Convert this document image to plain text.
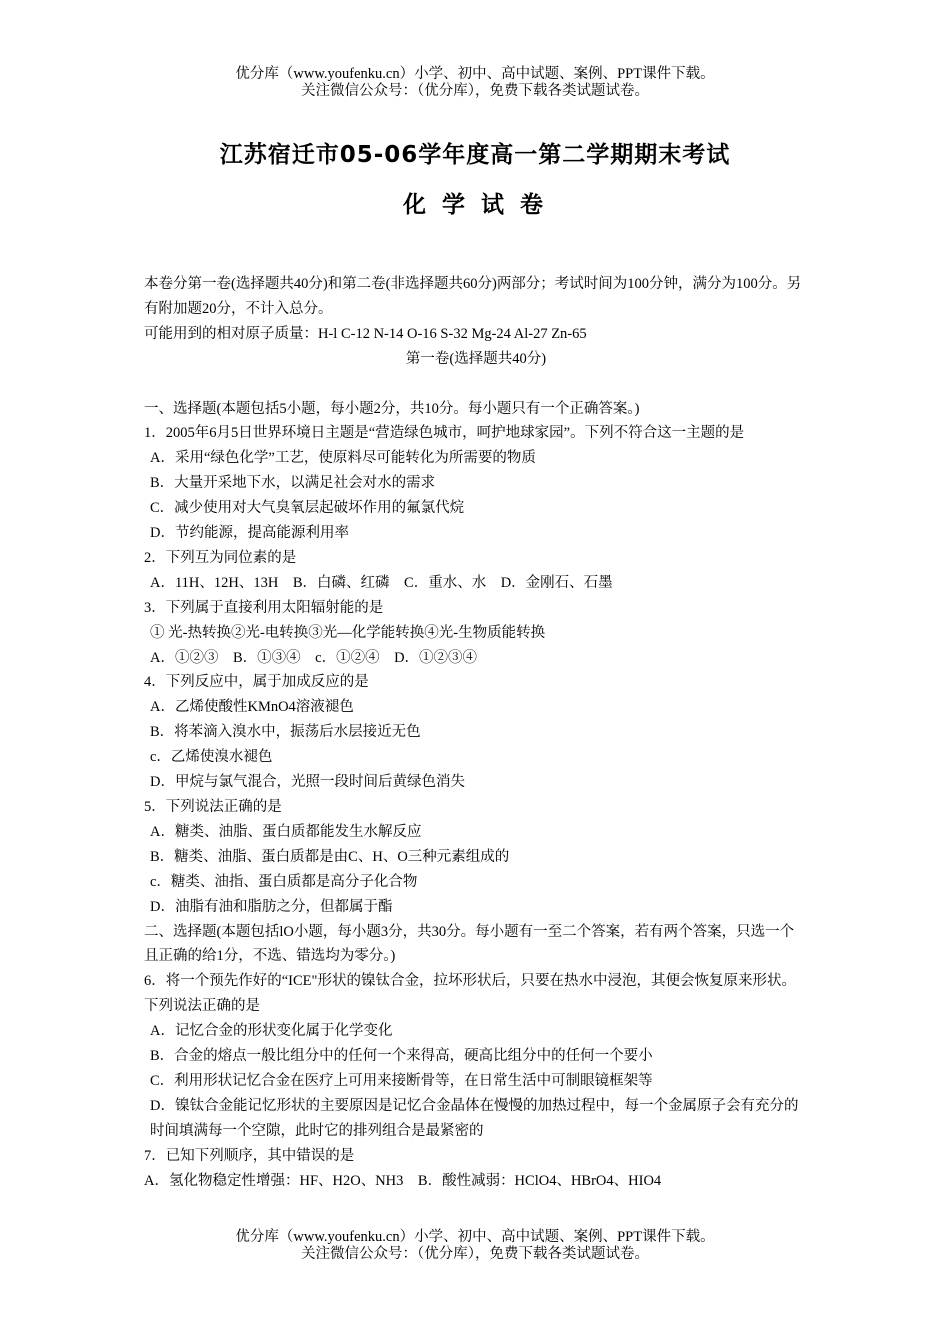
优分库（www.youfenku.cn）小学、初中、高中试题、案例、PPT课件下载。
关注微信公众号：（优分库），免费下载各类试题试卷。
江苏宿迁市05-06学年度高一第二学期期末考试
化 学 试 卷

本卷分第一卷(选择题共40分)和第二卷(非选择题共60分)两部分；考试时间为100分钟，满分为100分。另有附加题20分，不计入总分。

可能用到的相对原子质量：H-l C-12 N-14 O-16 S-32 Mg-24 Al-27 Zn-65

第一卷(选择题共40分)

一、选择题(本题包括5小题，每小题2分，共10分。每小题只有一个正确答案。)

1．2005年6月5日世界环境日主题是“营造绿色城市，呵护地球家园”。下列不符合这一主题的是

A．采用“绿色化学”工艺，使原料尽可能转化为所需要的物质

B．大量开采地下水，以满足社会对水的需求

C．减少使用对大气臭氧层起破坏作用的氟氯代烷

D．节约能源，提高能源利用率

2．下列互为同位素的是

A．11H、12H、13H　B．白磷、红磷　C．重水、水　D．金刚石、石墨

3．下列属于直接利用太阳辐射能的是

① 光-热转换②光-电转换③光—化学能转换④光-生物质能转换

A．①②③　B．①③④　c．①②④　D．①②③④

4．下列反应中，属于加成反应的是

A．乙烯使酸性KMnO4溶液褪色

B．将苯滴入溴水中，振荡后水层接近无色

c．乙烯使溴水褪色

D．甲烷与氯气混合，光照一段时间后黄绿色消失

5．下列说法正确的是

A．糖类、油脂、蛋白质都能发生水解反应

B．糖类、油脂、蛋白质都是由C、H、O三种元素组成的

c．糖类、油指、蛋白质都是高分子化合物

D．油脂有油和脂肪之分，但都属于酯

二、选择题(本题包括lO小题，每小题3分，共30分。每小题有一至二个答案，若有两个答案，只选一个且正确的给1分，不选、错选均为零分。)

6．将一个预先作好的“ICE"形状的镍钛合金，拉坏形状后，只要在热水中浸泡，其便会恢复原来形状。下列说法正确的是

A．记忆合金的形状变化属于化学变化

B．合金的熔点一般比组分中的任何一个来得高，硬高比组分中的任何一个要小

C．利用形状记忆合金在医疗上可用来接断骨等，在日常生活中可制眼镜框架等

D．镍钛合金能记忆形状的主要原因是记忆合金晶体在慢慢的加热过程中，每一个金属原子会有充分的时间填满每一个空隙，此时它的排列组合是最紧密的

7．已知下列顺序，其中错误的是

A．氢化物稳定性增强：HF、H2O、NH3　B．酸性减弱：HClO4、HBrO4、HIO4

优分库（www.youfenku.cn）小学、初中、高中试题、案例、PPT课件下载。
关注微信公众号：（优分库），免费下载各类试题试卷。
